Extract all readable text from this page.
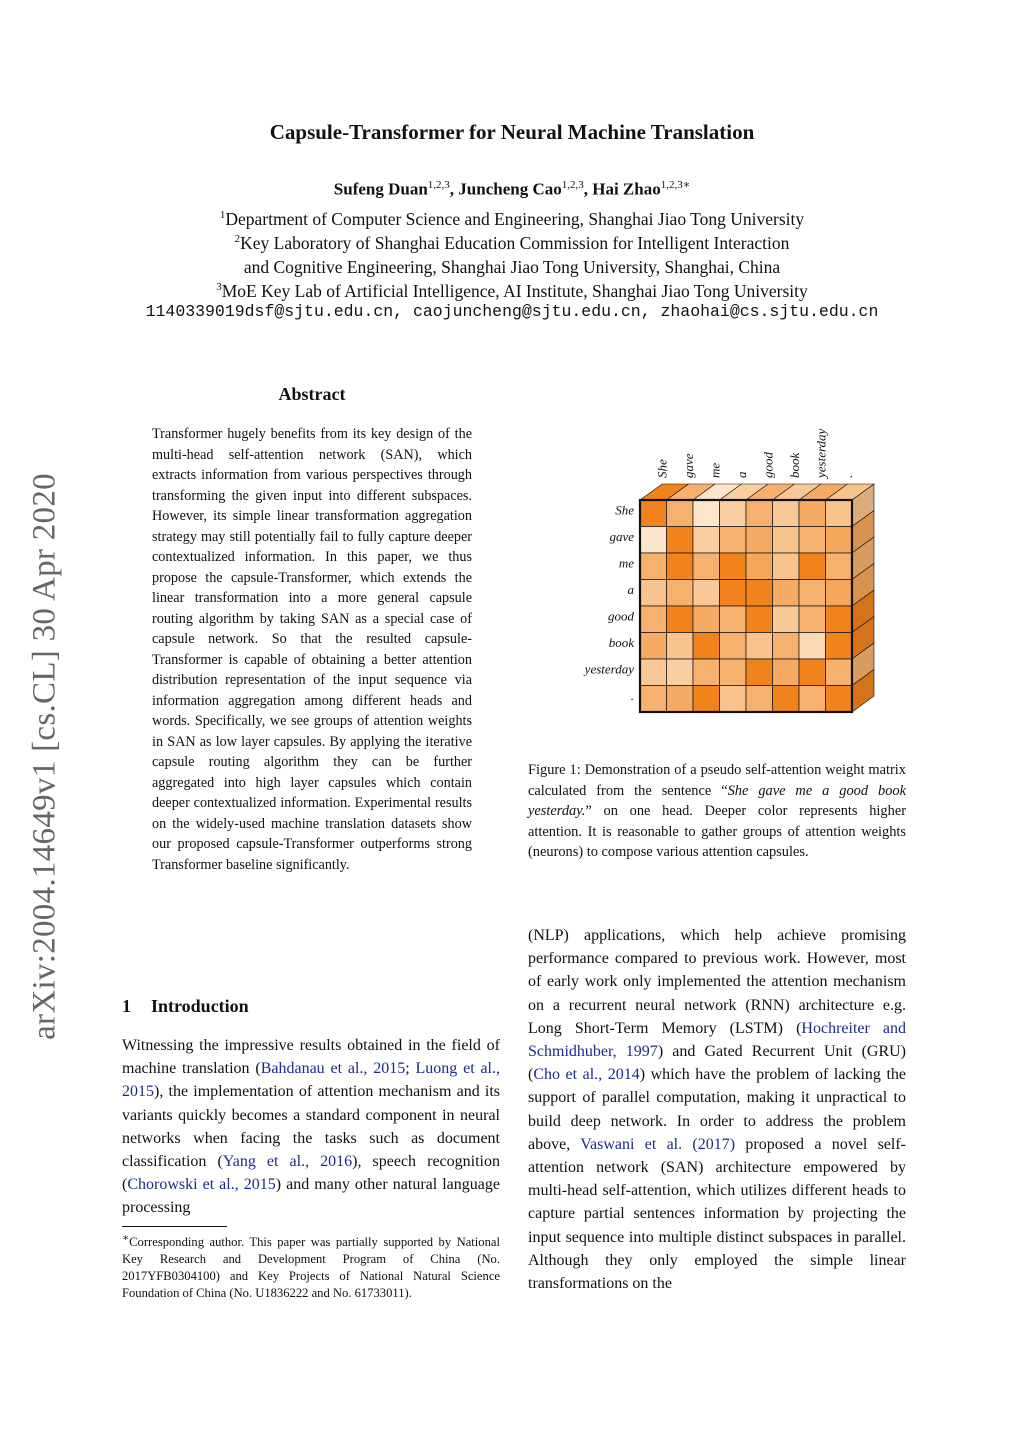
arXiv:2004.14649v1 [cs.CL] 30 Apr 2020
Capsule-Transformer for Neural Machine Translation
Sufeng Duan$^{1,2,3}$, Juncheng Cao$^{1,2,3}$, Hai Zhao$^{1,2,3∗}$
$^1$Department of Computer Science and Engineering, Shanghai Jiao Tong University
$^2$Key Laboratory of Shanghai Education Commission for Intelligent Interaction
and Cognitive Engineering, Shanghai Jiao Tong University, Shanghai, China
$^3$MoE Key Lab of Artificial Intelligence, AI Institute, Shanghai Jiao Tong University
1140339019dsf@sjtu.edu.cn, caojuncheng@sjtu.edu.cn, zhaohai@cs.sjtu.edu.cn
Abstract
Transformer hugely benefits from its key design of the multi-head self-attention network (SAN), which extracts information from various perspectives through transforming the given input into different subspaces. However, its simple linear transformation aggregation strategy may still potentially fail to fully capture deeper contextualized information. In this paper, we thus propose the capsule-Transformer, which extends the linear transformation into a more general capsule routing algorithm by taking SAN as a special case of capsule network. So that the resulted capsule-Transformer is capable of obtaining a better attention distribution representation of the input sequence via information aggregation among different heads and words. Specifically, we see groups of attention weights in SAN as low layer capsules. By applying the iterative capsule routing algorithm they can be further aggregated into high layer capsules which contain deeper contextualized information. Experimental results on the widely-used machine translation datasets show our proposed capsule-Transformer outperforms strong Transformer baseline significantly.
1 Introduction
Witnessing the impressive results obtained in the field of machine translation (Bahdanau et al., 2015; Luong et al., 2015), the implementation of attention mechanism and its variants quickly becomes a standard component in neural networks when facing the tasks such as document classification (Yang et al., 2016), speech recognition (Chorowski et al., 2015) and many other natural language processing
∗Corresponding author. This paper was partially supported by National Key Research and Development Program of China (No. 2017YFB0304100) and Key Projects of National Natural Science Foundation of China (No. U1836222 and No. 61733011).
She
gave
me
a
good
book
yesterday
.
She gave me a good book yesterday .
Figure 1: Demonstration of a pseudo self-attention weight matrix calculated from the sentence “She gave me a good book yesterday.” on one head. Deeper color represents higher attention. It is reasonable to gather groups of attention weights (neurons) to compose various attention capsules.
(NLP) applications, which help achieve promising performance compared to previous work. However, most of early work only implemented the attention mechanism on a recurrent neural network (RNN) architecture e.g. Long Short-Term Memory (LSTM) (Hochreiter and Schmidhuber, 1997) and Gated Recurrent Unit (GRU) (Cho et al., 2014) which have the problem of lacking the support of parallel computation, making it unpractical to build deep network. In order to address the problem above, Vaswani et al. (2017) proposed a novel self-attention network (SAN) architecture empowered by multi-head self-attention, which utilizes different heads to capture partial sentences information by projecting the input sequence into multiple distinct subspaces in parallel. Although they only employed the simple linear transformations on the
